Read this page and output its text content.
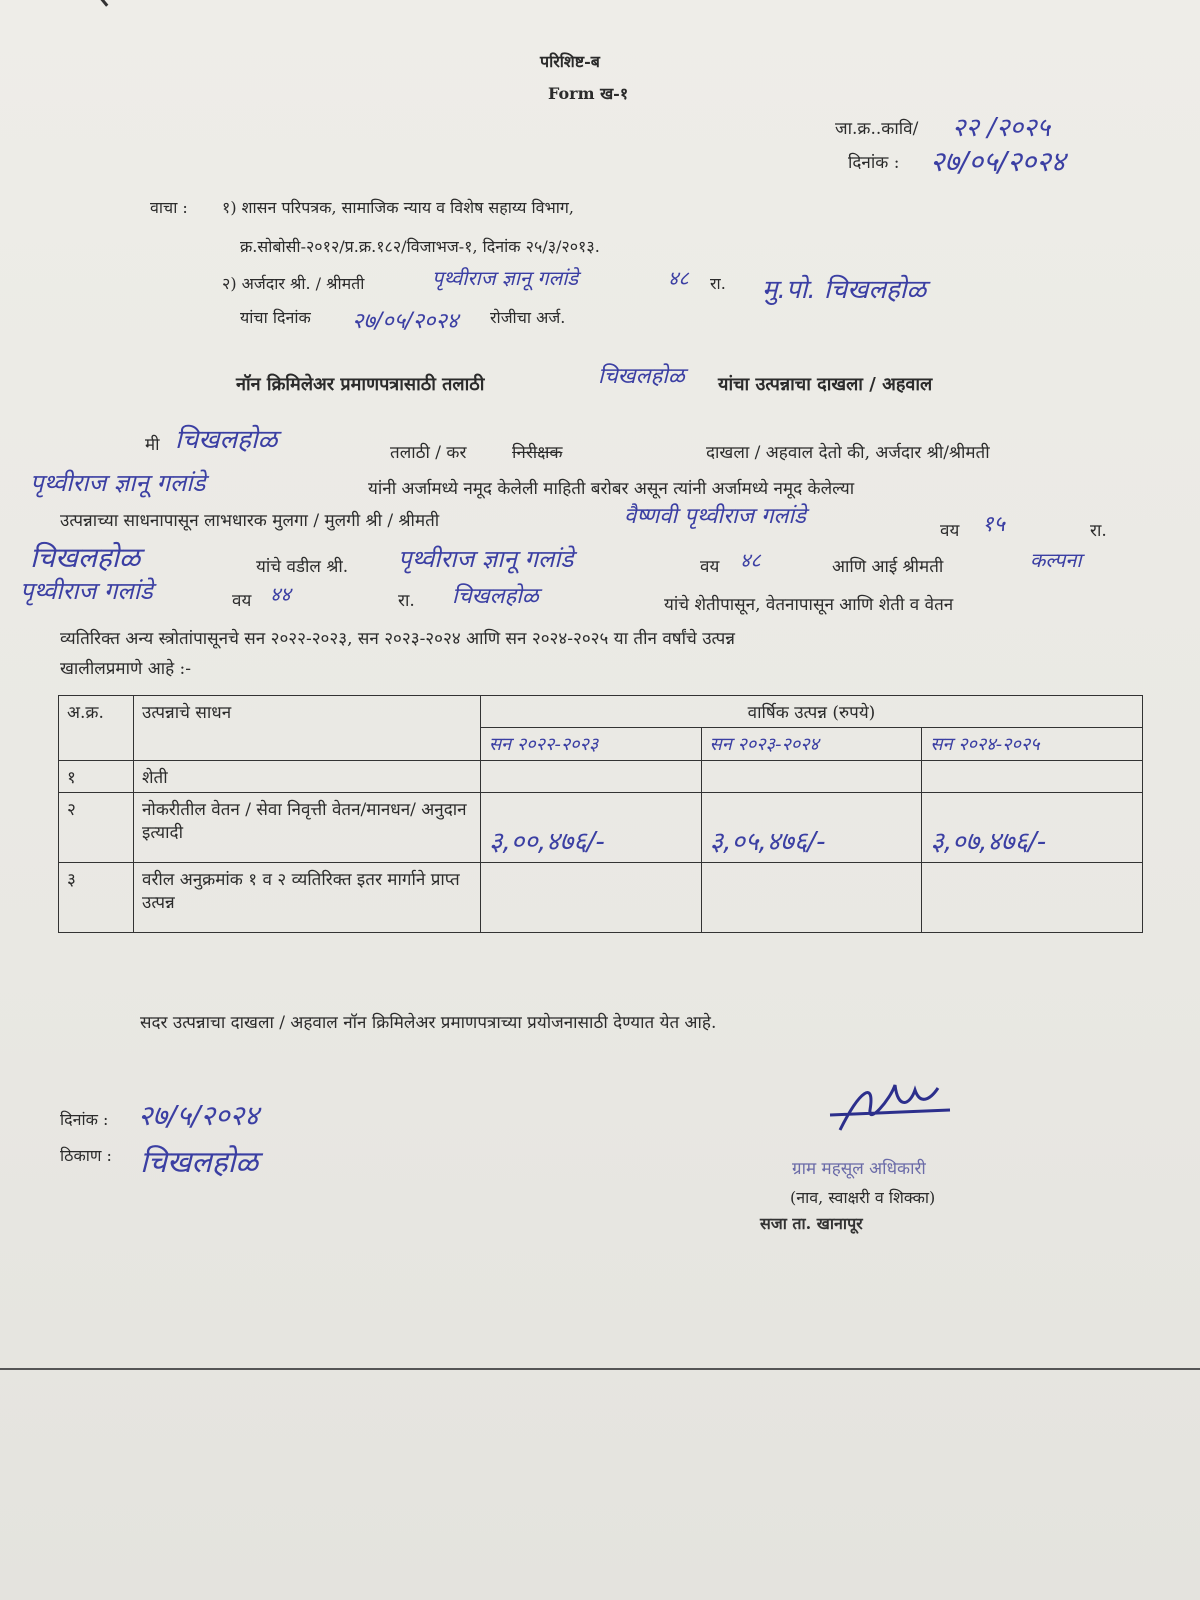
परिशिष्ट-ब
Form ख-१
जा.क्र..कावि/ २२ /२०२५
दिनांक : २७/०५/२०२४
वाचा : १) शासन परिपत्रक, सामाजिक न्याय व विशेष सहाय्य विभाग,
क्र.सोबोसी-२०१२/प्र.क्र.१८२/विजाभज-१, दिनांक २५/३/२०१३.
२) अर्जदार श्री. / श्रीमती	पृथ्वीराज ज्ञानू गलांडे	४८ रा. मु.पो. चिखलहोळ
यांचा दिनांक २७/०५/२०२४ रोजीचा अर्ज.
नॉन क्रिमिलेअर प्रमाणपत्रासाठी तलाठी	चिखलहोळ यांचा उत्पन्नाचा दाखला / अहवाल
मी चिखलहोळ	तलाठी / कर	निरीक्षक	दाखला / अहवाल देतो की, अर्जदार श्री/श्रीमती
पृथ्वीराज ज्ञानू गलांडे	यांनी अर्जामध्ये नमूद केलेली माहिती बरोबर असून त्यांनी अर्जामध्ये नमूद केलेल्या
उत्पन्नाच्या साधनापासून लाभधारक मुलगा / मुलगी श्री / श्रीमती	वैष्णवी पृथ्वीराज गलांडे
वय १५	रा.
चिखलहोळ	यांचे वडील श्री. पृथ्वीराज ज्ञानू गलांडे	वय ४८	आणि आई श्रीमती	कल्पना
पृथ्वीराज गलांडे	वय ४४	रा. चिखलहोळ	यांचे शेतीपासून, वेतनापासून आणि शेती व वेतन
व्यतिरिक्त अन्य स्त्रोतांपासूनचे सन २०२२-२०२३, सन २०२३-२०२४ आणि सन २०२४-२०२५ या तीन वर्षांचे उत्पन्न
खालीलप्रमाणे आहे :-
अ.क्र.	उत्पन्नाचे साधन	वार्षिक उत्पन्न (रुपये)		
		सन २०२२-२०२३	सन २०२३-२०२४	सन २०२४-२०२५
१	शेती			
२	नोकरीतील वेतन / सेवा निवृत्ती वेतन/मानधन/ अनुदान इत्यादी	३,००,४७६/-	३,०५,४७६/-	३,०७,४७६/-
३	वरील अनुक्रमांक १ व २ व्यतिरिक्त इतर मार्गाने प्राप्त उत्पन्न			
सदर उत्पन्नाचा दाखला / अहवाल नॉन क्रिमिलेअर प्रमाणपत्राच्या प्रयोजनासाठी देण्यात येत आहे.
दिनांक : २७/५/२०२४
ठिकाण : चिखलहोळ	ग्राम महसूल अधिकारी
(नाव, स्वाक्षरी व शिक्का)
सजा ता. खानापूर
